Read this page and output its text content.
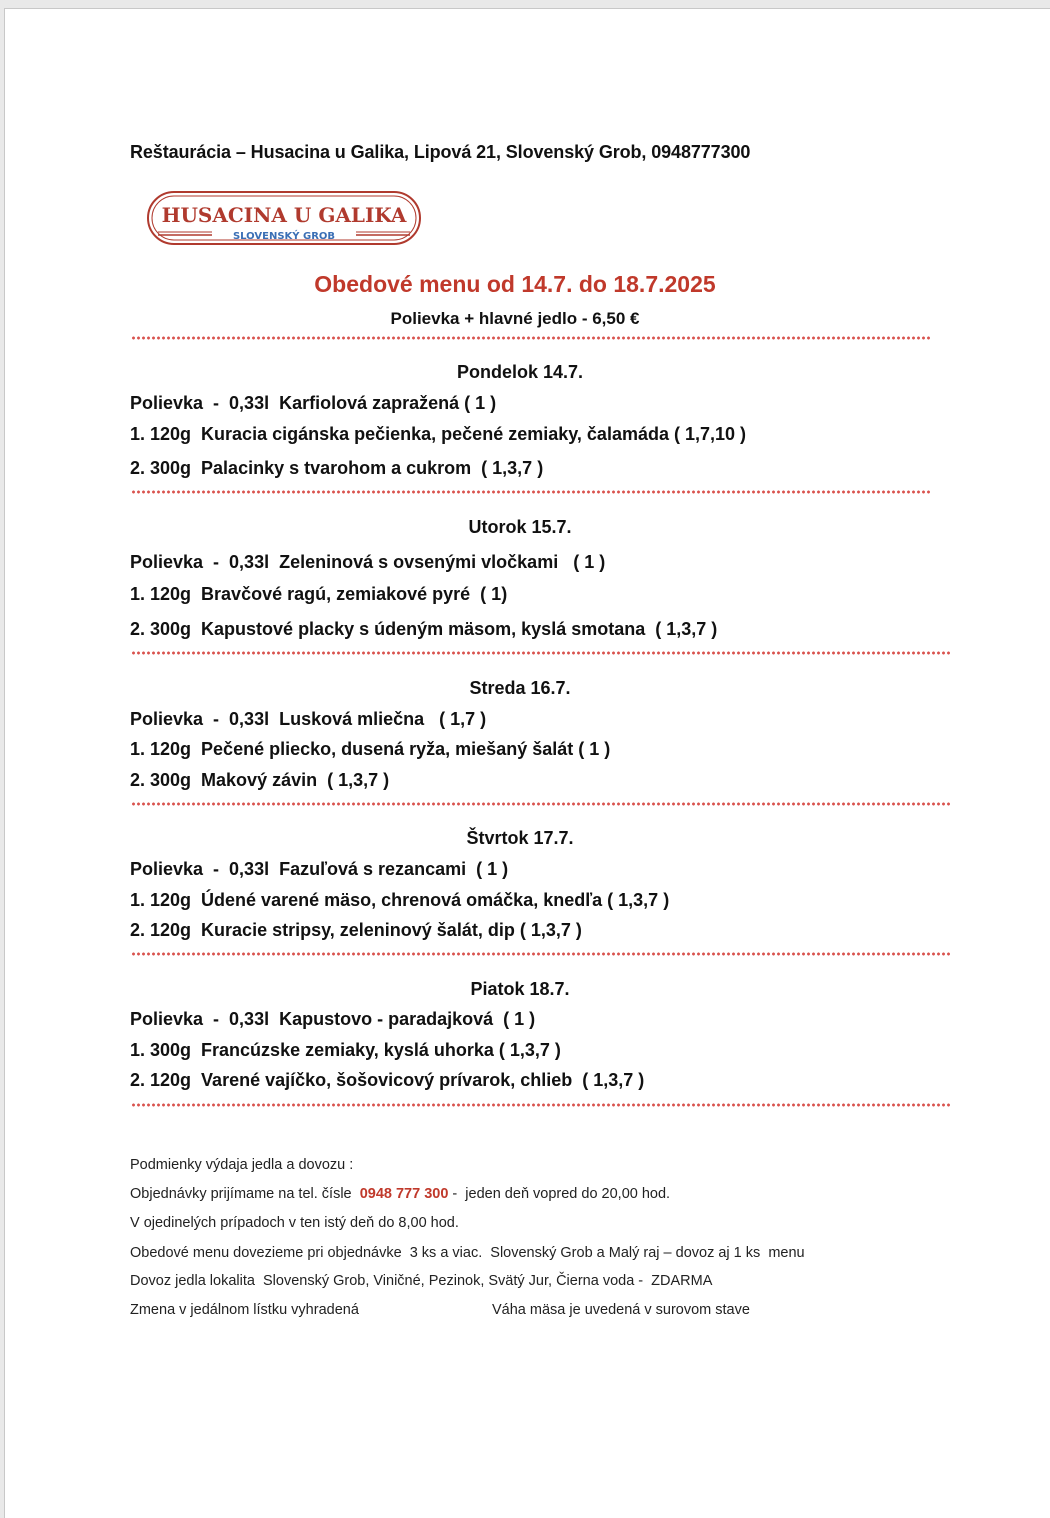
Reštaurácia – Husacina u Galika, Lipová 21, Slovenský Grob, 0948777300
HUSACINA U GALIKA
SLOVENSKÝ GROB
Obedové menu od 14.7. do 18.7.2025
Polievka + hlavné jedlo - 6,50 €
Pondelok 14.7.
Polievka  -  0,33l  Karfiolová zapražená ( 1 )
1. 120g  Kuracia cigánska pečienka, pečené zemiaky, čalamáda ( 1,7,10 )
2. 300g  Palacinky s tvarohom a cukrom  ( 1,3,7 )
Utorok 15.7.
Polievka  -  0,33l  Zeleninová s ovsenými vločkami   ( 1 )
1. 120g  Bravčové ragú, zemiakové pyré  ( 1)
2. 300g  Kapustové placky s údeným mäsom, kyslá smotana  ( 1,3,7 )
Streda 16.7.
Polievka  -  0,33l  Lusková mliečna   ( 1,7 )
1. 120g  Pečené pliecko, dusená ryža, miešaný šalát ( 1 )
2. 300g  Makový závin  ( 1,3,7 )
Štvrtok 17.7.
Polievka  -  0,33l  Fazuľová s rezancami  ( 1 )
1. 120g  Údené varené mäso, chrenová omáčka, knedľa ( 1,3,7 )
2. 120g  Kuracie stripsy, zeleninový šalát, dip ( 1,3,7 )
Piatok 18.7.
Polievka  -  0,33l  Kapustovo - paradajková  ( 1 )
1. 300g  Francúzske zemiaky, kyslá uhorka ( 1,3,7 )
2. 120g  Varené vajíčko, šošovicový prívarok, chlieb  ( 1,3,7 )
Podmienky výdaja jedla a dovozu :
Objednávky prijímame na tel. čísle  0948 777 300 -  jeden deň vopred do 20,00 hod.
V ojedinelých prípadoch v ten istý deň do 8,00 hod.
Obedové menu dovezieme pri objednávke  3 ks a viac.  Slovenský Grob a Malý raj – dovoz aj 1 ks  menu
Dovoz jedla lokalita  Slovenský Grob, Viničné, Pezinok, Svätý Jur, Čierna voda -  ZDARMA
Zmena v jedálnom lístku vyhradená	Váha mäsa je uvedená v surovom stave
